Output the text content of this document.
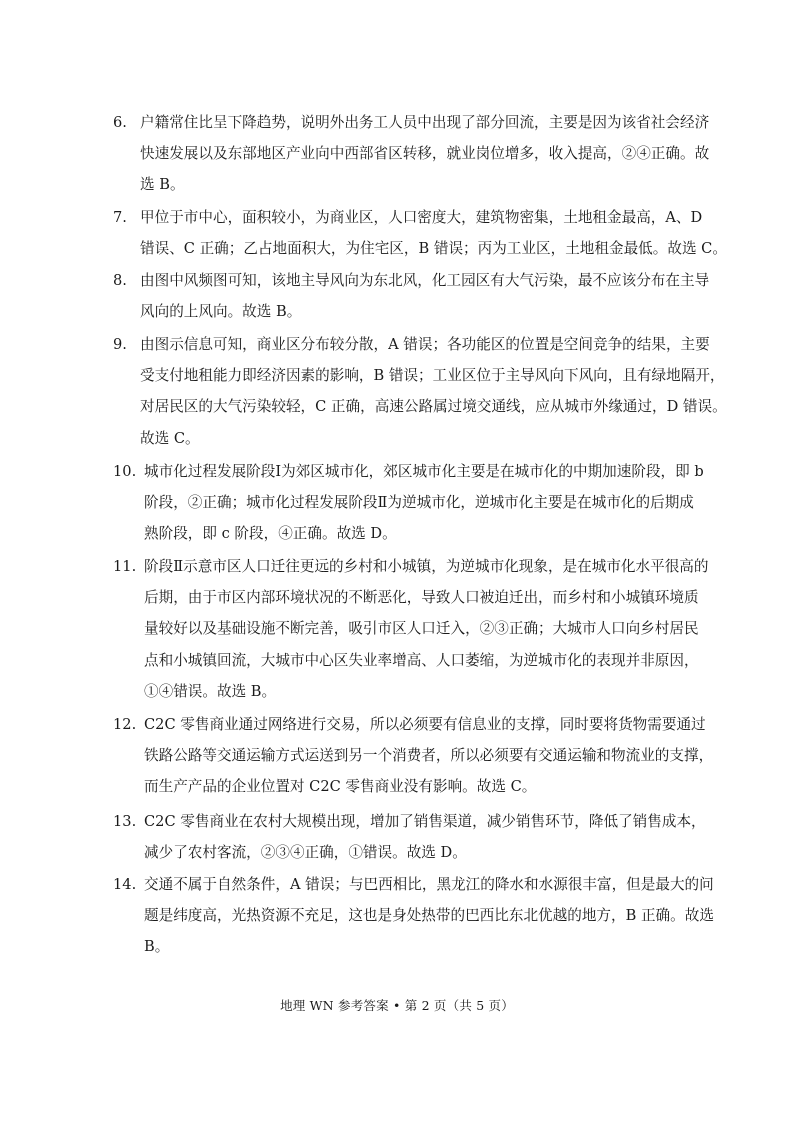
6. 户籍常住比呈下降趋势，说明外出务工人员中出现了部分回流，主要是因为该省社会经济
快速发展以及东部地区产业向中西部省区转移，就业岗位增多，收入提高，②④正确。故
选 B。
7. 甲位于市中心，面积较小，为商业区，人口密度大，建筑物密集，土地租金最高，A、D
错误、C 正确；乙占地面积大，为住宅区，B 错误；丙为工业区，土地租金最低。故选 C。
8. 由图中风频图可知，该地主导风向为东北风，化工园区有大气污染，最不应该分布在主导
风向的上风向。故选 B。
9. 由图示信息可知，商业区分布较分散，A 错误；各功能区的位置是空间竞争的结果，主要
受支付地租能力即经济因素的影响，B 错误；工业区位于主导风向下风向，且有绿地隔开，
对居民区的大气污染较轻，C 正确，高速公路属过境交通线，应从城市外缘通过，D 错误。
故选 C。
10. 城市化过程发展阶段Ⅰ为郊区城市化，郊区城市化主要是在城市化的中期加速阶段，即 b
阶段，②正确；城市化过程发展阶段Ⅱ为逆城市化，逆城市化主要是在城市化的后期成
熟阶段，即 c 阶段，④正确。故选 D。
11. 阶段Ⅱ示意市区人口迁往更远的乡村和小城镇，为逆城市化现象，是在城市化水平很高的
后期，由于市区内部环境状况的不断恶化，导致人口被迫迁出，而乡村和小城镇环境质
量较好以及基础设施不断完善，吸引市区人口迁入，②③正确；大城市人口向乡村居民
点和小城镇回流，大城市中心区失业率增高、人口萎缩，为逆城市化的表现并非原因，
①④错误。故选 B。
12. C2C 零售商业通过网络进行交易，所以必须要有信息业的支撑，同时要将货物需要通过
铁路公路等交通运输方式运送到另一个消费者，所以必须要有交通运输和物流业的支撑，
而生产产品的企业位置对 C2C 零售商业没有影响。故选 C。
13. C2C 零售商业在农村大规模出现，增加了销售渠道，减少销售环节，降低了销售成本，
减少了农村客流，②③④正确，①错误。故选 D。
14. 交通不属于自然条件，A 错误；与巴西相比，黑龙江的降水和水源很丰富，但是最大的问
题是纬度高，光热资源不充足，这也是身处热带的巴西比东北优越的地方，B 正确。故选
B。
地理 WN 参考答案 • 第 2 页（共 5 页）
